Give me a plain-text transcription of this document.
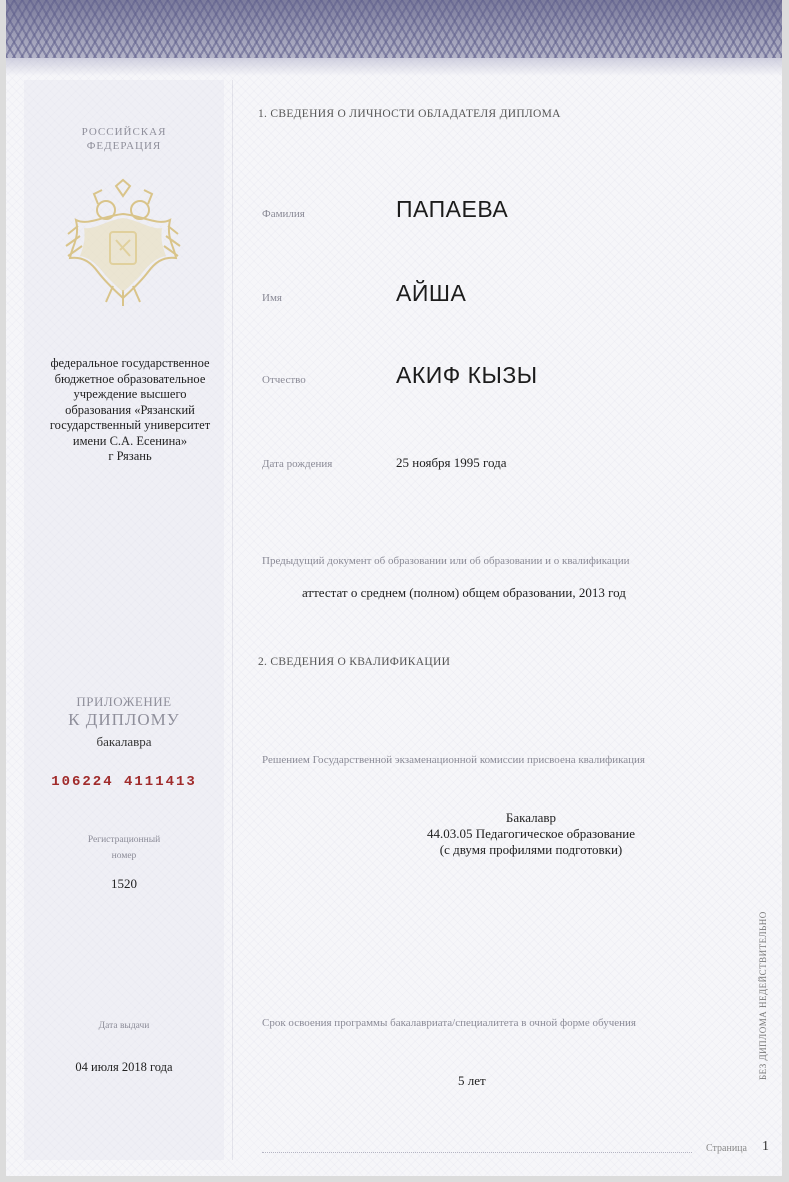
РОССИЙСКАЯ
ФЕДЕРАЦИЯ
федеральное государственное
бюджетное образовательное
учреждение высшего
образования «Рязанский
государственный университет
имени С.А. Есенина»
г Рязань
ПРИЛОЖЕНИЕ
К ДИПЛОМУ
бакалавра
106224 4111413
Регистрационный
номер
1520
Дата выдачи
04 июля 2018 года
1. СВЕДЕНИЯ О ЛИЧНОСТИ ОБЛАДАТЕЛЯ ДИПЛОМА
Фамилия	ПАПАЕВА
Имя	АЙША
Отчество	АКИФ КЫЗЫ
Дата рождения	25 ноября 1995 года
Предыдущий документ об образовании или об образовании и о квалификации
аттестат о среднем (полном) общем образовании, 2013 год
2. СВЕДЕНИЯ О КВАЛИФИКАЦИИ
Решением Государственной экзаменационной комиссии присвоена квалификация
Бакалавр
44.03.05 Педагогическое образование
(с двумя профилями подготовки)
Срок освоения программы бакалавриата/специалитета в очной форме обучения
5 лет
БЕЗ ДИПЛОМА НЕДЕЙСТВИТЕЛЬНО
Страница 1
